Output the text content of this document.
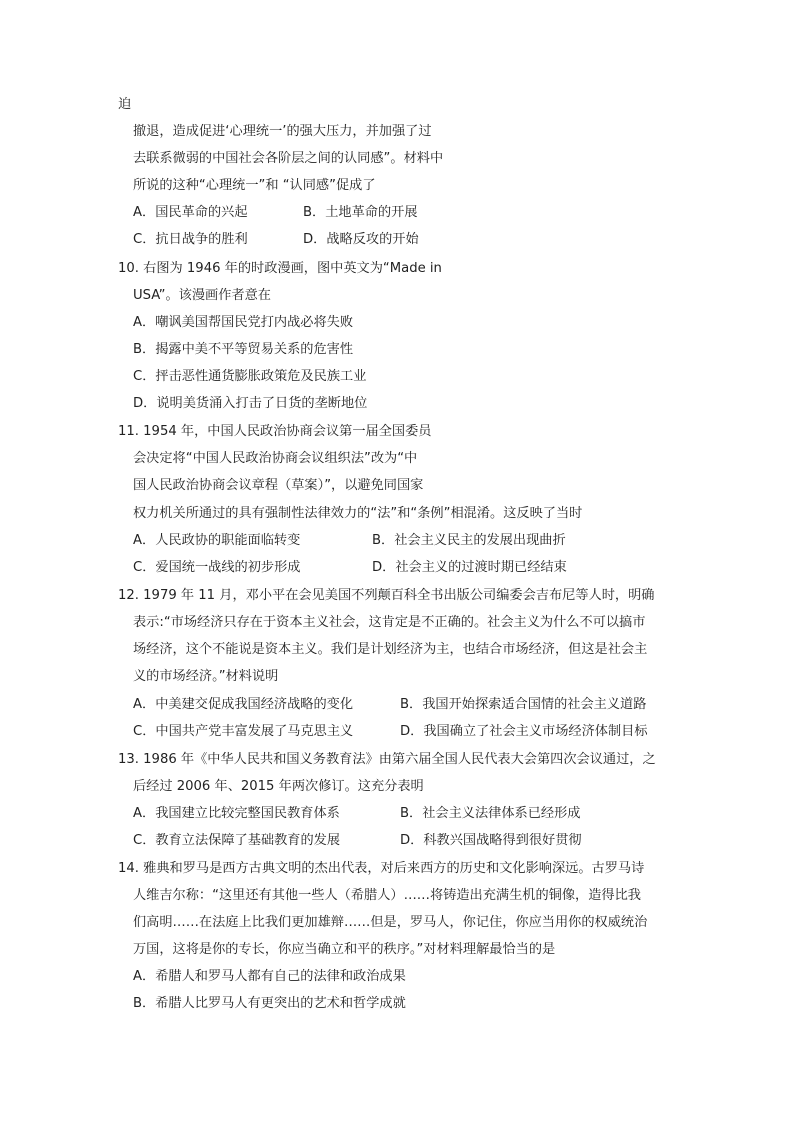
迫
撤退，造成促进‘心理统一’的强大压力，并加强了过
去联系微弱的中国社会各阶层之间的认同感”。材料中
所说的这种“心理统一”和 “认同感”促成了
A．国民革命的兴起	B．土地革命的开展
C．抗日战争的胜利	D．战略反攻的开始
10. 右图为 1946 年的时政漫画，图中英文为“Made in
USA”。该漫画作者意在
A．嘲讽美国帮国民党打内战必将失败
B．揭露中美不平等贸易关系的危害性
C．抨击恶性通货膨胀政策危及民族工业
D．说明美货涌入打击了日货的垄断地位
11. 1954 年，中国人民政治协商会议第一届全国委员
会决定将“中国人民政治协商会议组织法”改为“中
国人民政治协商会议章程（草案）”，以避免同国家
权力机关所通过的具有强制性法律效力的“法”和“条例”相混淆。这反映了当时
A．人民政协的职能面临转变	B．社会主义民主的发展出现曲折
C．爱国统一战线的初步形成	D．社会主义的过渡时期已经结束
12. 1979 年 11 月，邓小平在会见美国不列颠百科全书出版公司编委会吉布尼等人时，明确
表示:“市场经济只存在于资本主义社会，这肯定是不正确的。社会主义为什么不可以搞市
场经济，这个不能说是资本主义。我们是计划经济为主，也结合市场经济，但这是社会主
义的市场经济。”材料说明
A．中美建交促成我国经济战略的变化	B．我国开始探索适合国情的社会主义道路
C．中国共产党丰富发展了马克思主义	D．我国确立了社会主义市场经济体制目标
13. 1986 年《中华人民共和国义务教育法》由第六届全国人民代表大会第四次会议通过，之
后经过 2006 年、2015 年两次修订。这充分表明
A．我国建立比较完整国民教育体系	B．社会主义法律体系已经形成
C．教育立法保障了基础教育的发展	D．科教兴国战略得到很好贯彻
14. 雅典和罗马是西方古典文明的杰出代表，对后来西方的历史和文化影响深远。古罗马诗
人维吉尔称：“这里还有其他一些人（希腊人）……将铸造出充满生机的铜像，造得比我
们高明……在法庭上比我们更加雄辩……但是，罗马人，你记住，你应当用你的权威统治
万国，这将是你的专长，你应当确立和平的秩序。”对材料理解最恰当的是
A．希腊人和罗马人都有自己的法律和政治成果
B．希腊人比罗马人有更突出的艺术和哲学成就
